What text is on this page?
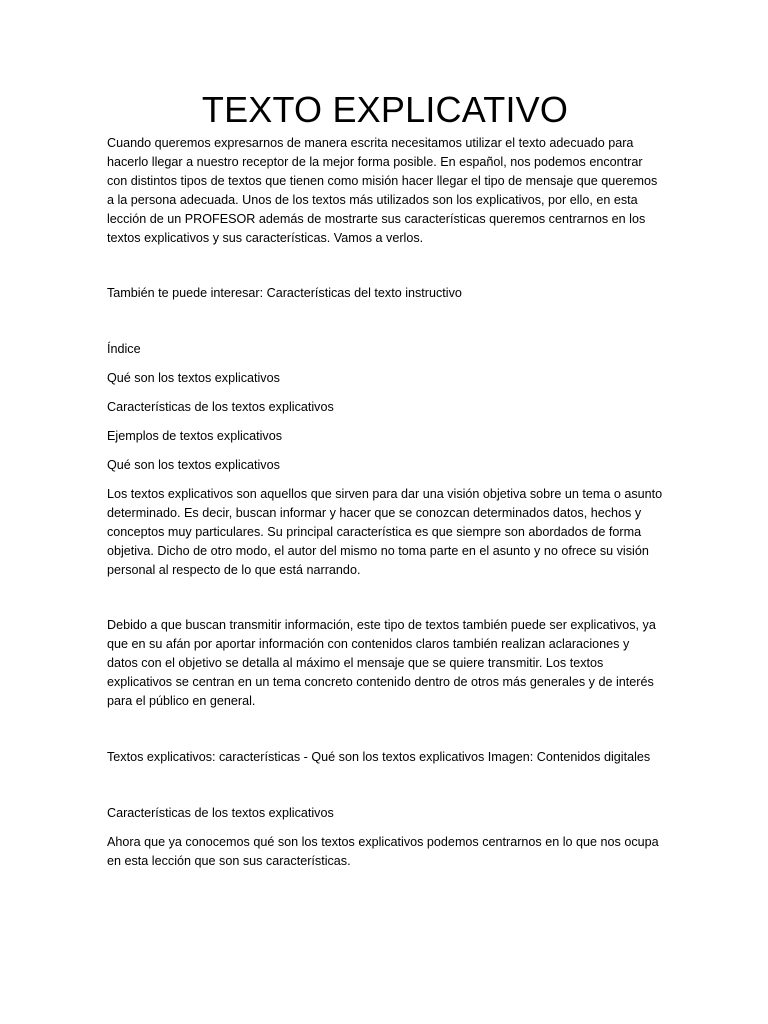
TEXTO EXPLICATIVO

Cuando queremos expresarnos de manera escrita necesitamos utilizar el texto adecuado para hacerlo llegar a nuestro receptor de la mejor forma posible. En español, nos podemos encontrar con distintos tipos de textos que tienen como misión hacer llegar el tipo de mensaje que queremos a la persona adecuada. Unos de los textos más utilizados son los explicativos, por ello, en esta lección de un PROFESOR además de mostrarte sus características queremos centrarnos en los textos explicativos y sus características. Vamos a verlos.

También te puede interesar: Características del texto instructivo

Índice

Qué son los textos explicativos

Características de los textos explicativos

Ejemplos de textos explicativos

Qué son los textos explicativos

Los textos explicativos son aquellos que sirven para dar una visión objetiva sobre un tema o asunto determinado. Es decir, buscan informar y hacer que se conozcan determinados datos, hechos y conceptos muy particulares. Su principal característica es que siempre son abordados de forma objetiva. Dicho de otro modo, el autor del mismo no toma parte en el asunto y no ofrece su visión personal al respecto de lo que está narrando.

Debido a que buscan transmitir información, este tipo de textos también puede ser explicativos, ya que en su afán por aportar información con contenidos claros también realizan aclaraciones y datos con el objetivo se detalla al máximo el mensaje que se quiere transmitir. Los textos explicativos se centran en un tema concreto contenido dentro de otros más generales y de interés para el público en general.

Textos explicativos: características - Qué son los textos explicativos Imagen: Contenidos digitales

Características de los textos explicativos

Ahora que ya conocemos qué son los textos explicativos podemos centrarnos en lo que nos ocupa en esta lección que son sus características.
